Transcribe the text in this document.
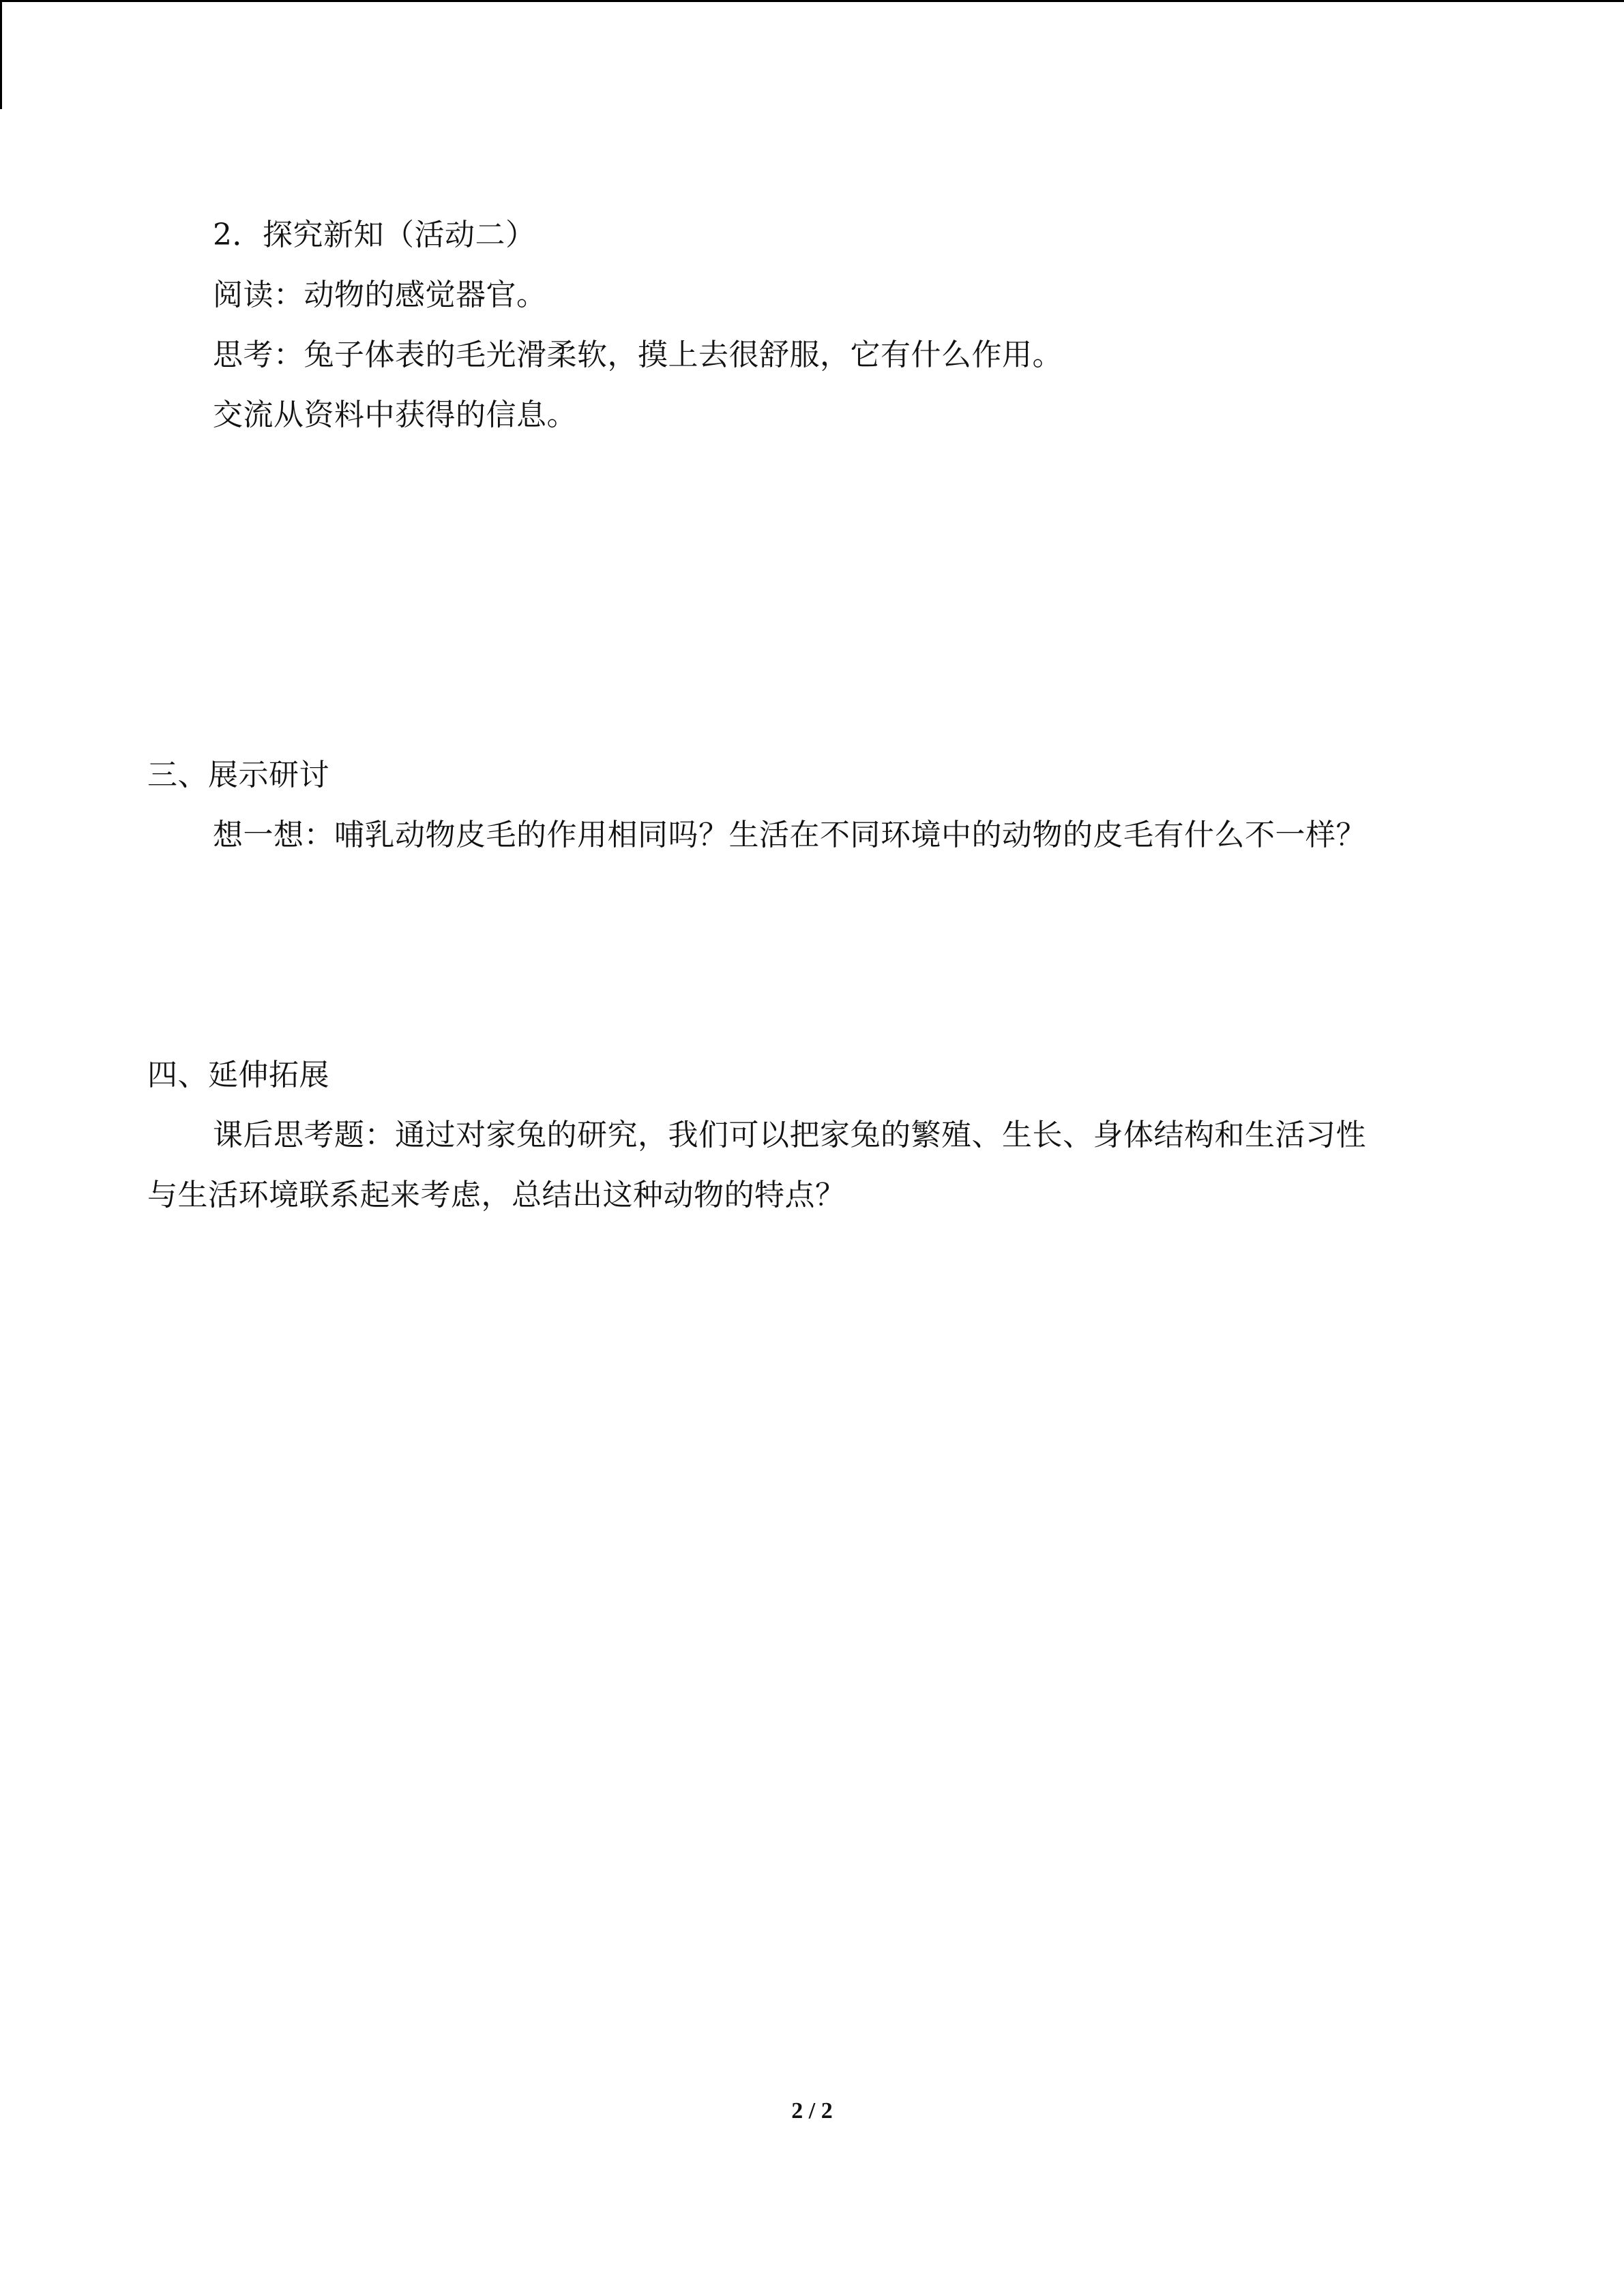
2．探究新知（活动二）
阅读：动物的感觉器官。
思考：兔子体表的毛光滑柔软，摸上去很舒服，它有什么作用。
交流从资料中获得的信息。
三、展示研讨
想一想：哺乳动物皮毛的作用相同吗？生活在不同环境中的动物的皮毛有什么不一样？
四、延伸拓展
课后思考题：通过对家兔的研究，我们可以把家兔的繁殖、生长、身体结构和生活习性
与生活环境联系起来考虑，总结出这种动物的特点？
2 / 2
